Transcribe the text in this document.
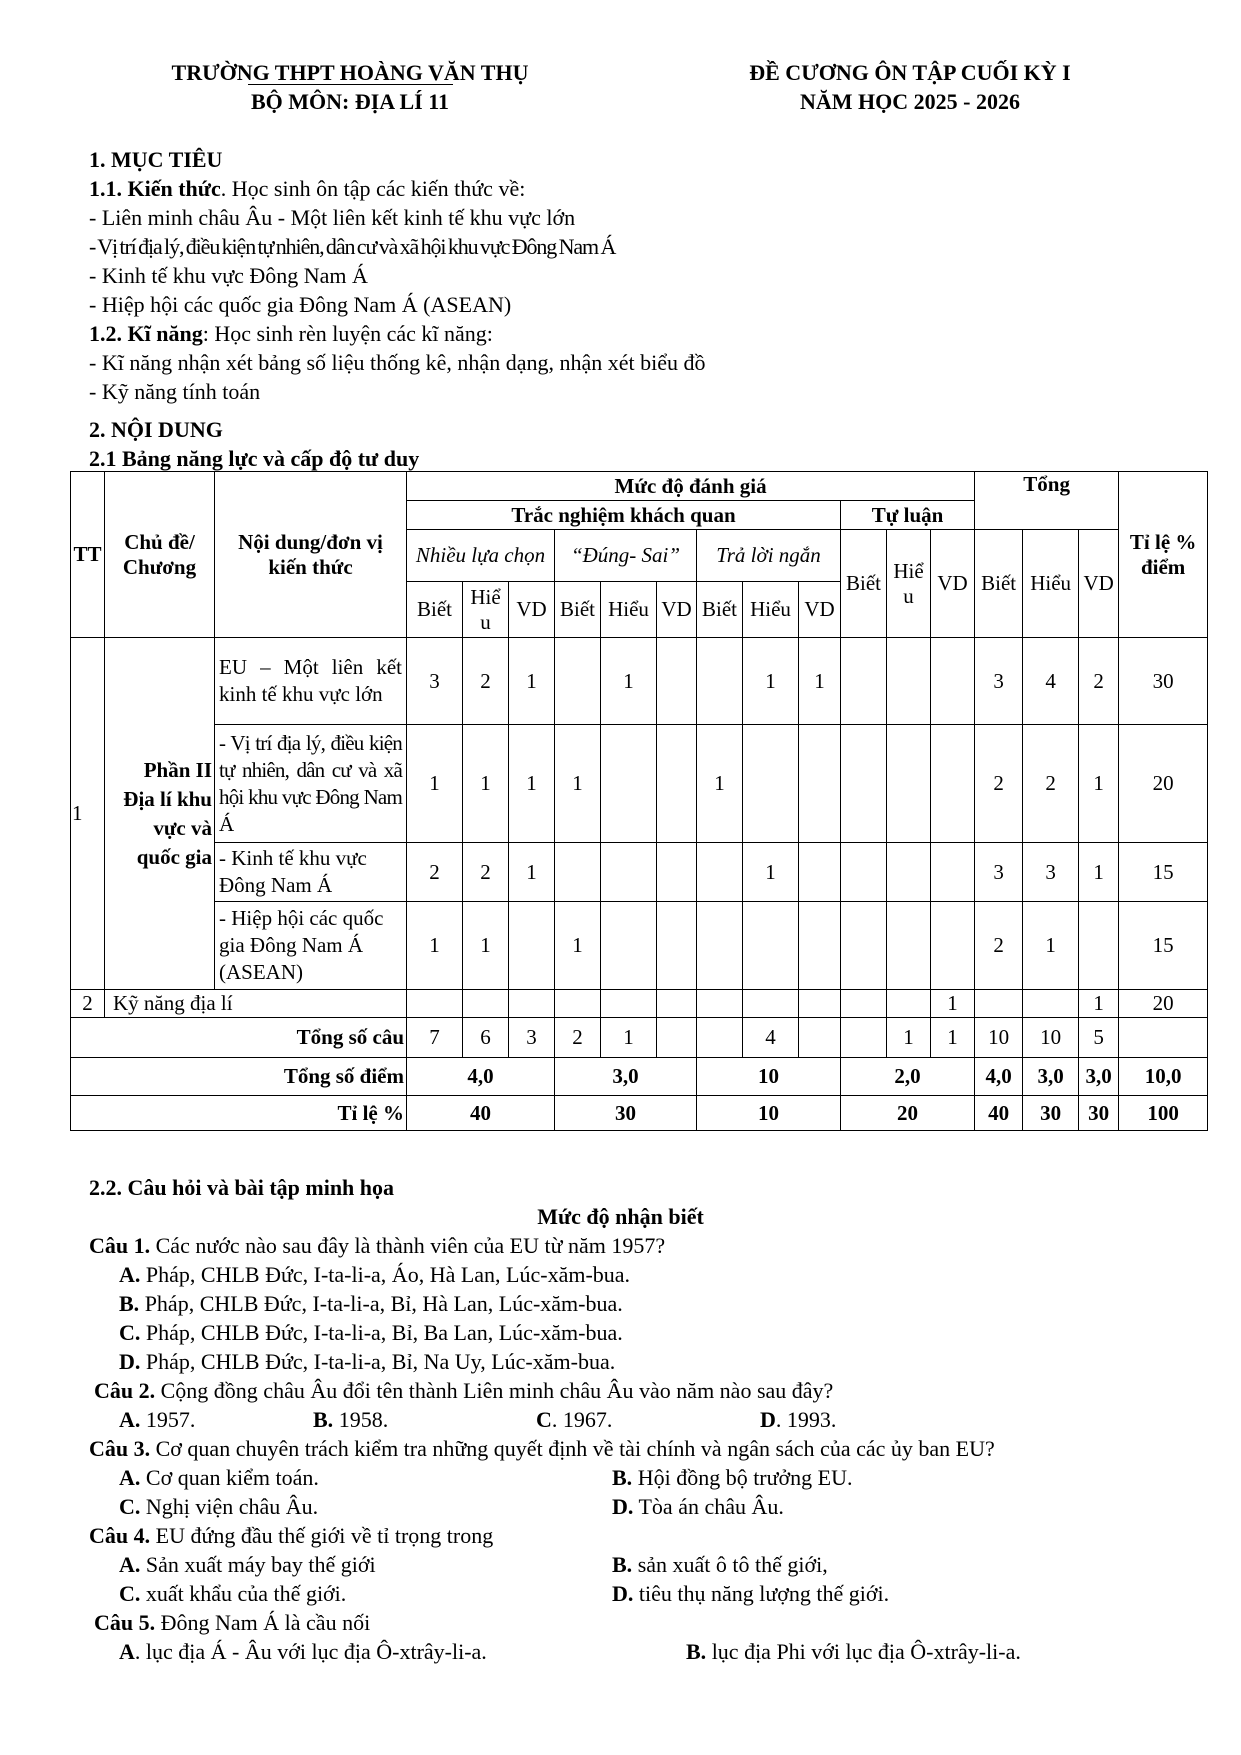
TRƯỜNG THPT HOÀNG VĂN THỤ
BỘ MÔN: ĐỊA LÍ 11
ĐỀ CƯƠNG ÔN TẬP CUỐI KỲ I
NĂM HỌC 2025 - 2026
1. MỤC TIÊU
1.1. Kiến thức. Học sinh ôn tập các kiến thức về:
- Liên minh châu Âu - Một liên kết kinh tế khu vực lớn
- Vị trí địa lý, điều kiện tự nhiên, dân cư và xã hội khu vực Đông Nam Á
- Kinh tế khu vực Đông Nam Á
- Hiệp hội các quốc gia Đông Nam Á (ASEAN)
1.2. Kĩ năng: Học sinh rèn luyện các kĩ năng:
- Kĩ năng nhận xét bảng số liệu thống kê, nhận dạng, nhận xét biểu đồ
- Kỹ năng tính toán
2. NỘI DUNG
2.1 Bảng năng lực và cấp độ tư duy
TT	Chủ đề/ Chương	Nội dung/đơn vị kiến thức	Mức độ đánh giá												Tổng			Tỉ lệ % điểm
			Trắc nghiệm khách quan									Tự luận						
			Nhiều lựa chọn			“Đúng- Sai”			Trả lời ngắn			Biết	Hiể u	VD	Biết	Hiểu	VD	
			Biết	Hiể u	VD	Biết	Hiểu	VD	Biết	Hiểu	VD							
1	Phần II Địa lí khu vực và quốc gia	EU – Một liên kết kinh tế khu vực lớn	3	2	1		1			1	1				3	4	2	30
		- Vị trí địa lý, điều kiện tự nhiên, dân cư và xã hội khu vực Đông Nam Á	1	1	1	1			1						2	2	1	20
		- Kinh tế khu vực Đông Nam Á	2	2	1					1					3	3	1	15
		- Hiệp hội các quốc gia Đông Nam Á (ASEAN)	1	1		1									2	1		15
2	Kỹ năng địa lí													1			1	20
Tổng số câu			7	6	3	2	1			4			1	1	10	10	5	
Tổng số điểm			4,0			3,0			10			2,0			4,0	3,0	3,0	10,0
Tỉ lệ %			40			30			10			20			40	30	30	100
2.2. Câu hỏi và bài tập minh họa
Mức độ nhận biết
Câu 1. Các nước nào sau đây là thành viên của EU từ năm 1957?
A. Pháp, CHLB Đức, I-ta-li-a, Áo, Hà Lan, Lúc-xăm-bua.
B. Pháp, CHLB Đức, I-ta-li-a, Bỉ, Hà Lan, Lúc-xăm-bua.
C. Pháp, CHLB Đức, I-ta-li-a, Bỉ, Ba Lan, Lúc-xăm-bua.
D. Pháp, CHLB Đức, I-ta-li-a, Bỉ, Na Uy, Lúc-xăm-bua.
Câu 2. Cộng đồng châu Âu đổi tên thành Liên minh châu Âu vào năm nào sau đây?
A. 1957.	B. 1958.	C. 1967.	D. 1993.
Câu 3. Cơ quan chuyên trách kiểm tra những quyết định về tài chính và ngân sách của các ủy ban EU?
A. Cơ quan kiểm toán.	B. Hội đồng bộ trưởng EU.
C. Nghị viện châu Âu.	D. Tòa án châu Âu.
Câu 4. EU đứng đầu thế giới về tỉ trọng trong
A. Sản xuất máy bay thế giới	B. sản xuất ô tô thế giới,
C. xuất khẩu của thế giới.	D. tiêu thụ năng lượng thế giới.
Câu 5. Đông Nam Á là cầu nối
A. lục địa Á - Âu với lục địa Ô-xtrây-li-a.	B. lục địa Phi với lục địa Ô-xtrây-li-a.
